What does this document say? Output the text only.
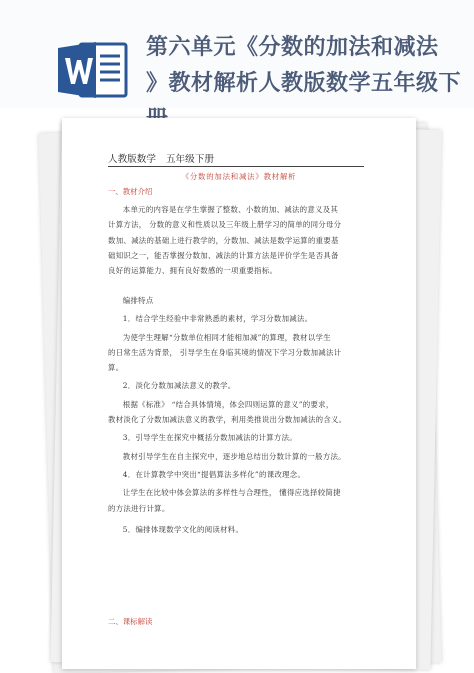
第六单元《分数的加法和减法
》教材解析人教版数学五年级下
人教版数学 五年级下册
《分数的加法和减法》教材解析
一、教材介绍
本单元的内容是在学生掌握了整数、小数的加、减法的意义及其
计算方法， 分数的意义和性质以及三年级上册学习的简单的同分母分
数加、减法的基础上进行教学的，分数加、减法是数学运算的重要基
础知识之一，能否掌握分数加、减法的计算方法是评价学生是否具备
良好的运算能力、拥有良好数感的一项重要指标。
编排特点
1．结合学生经验中非常熟悉的素材，学习分数加减法。
为使学生理解“分数单位相同才能相加减”的算理，教材以学生
的日常生活为背景， 引导学生在身临其境的情况下学习分数加减法计
算。
2．淡化分数加减法意义的教学。
根据《标准》 “结合具体情境，体会四则运算的意义”的要求，
教材淡化了分数加减法意义的教学，利用类推说出分数加减法的含义。
3．引导学生在探究中概括分数加减法的计算方法。
教材引导学生在自主探究中，逐步地总结出分数计算的一般方法。
4．在计算教学中突出“提倡算法多样化”的课改理念。
让学生在比较中体会算法的多样性与合理性， 懂得应选择较简捷
的方法进行计算。
5．编排体现数学文化的阅读材料。
二、课标解读
